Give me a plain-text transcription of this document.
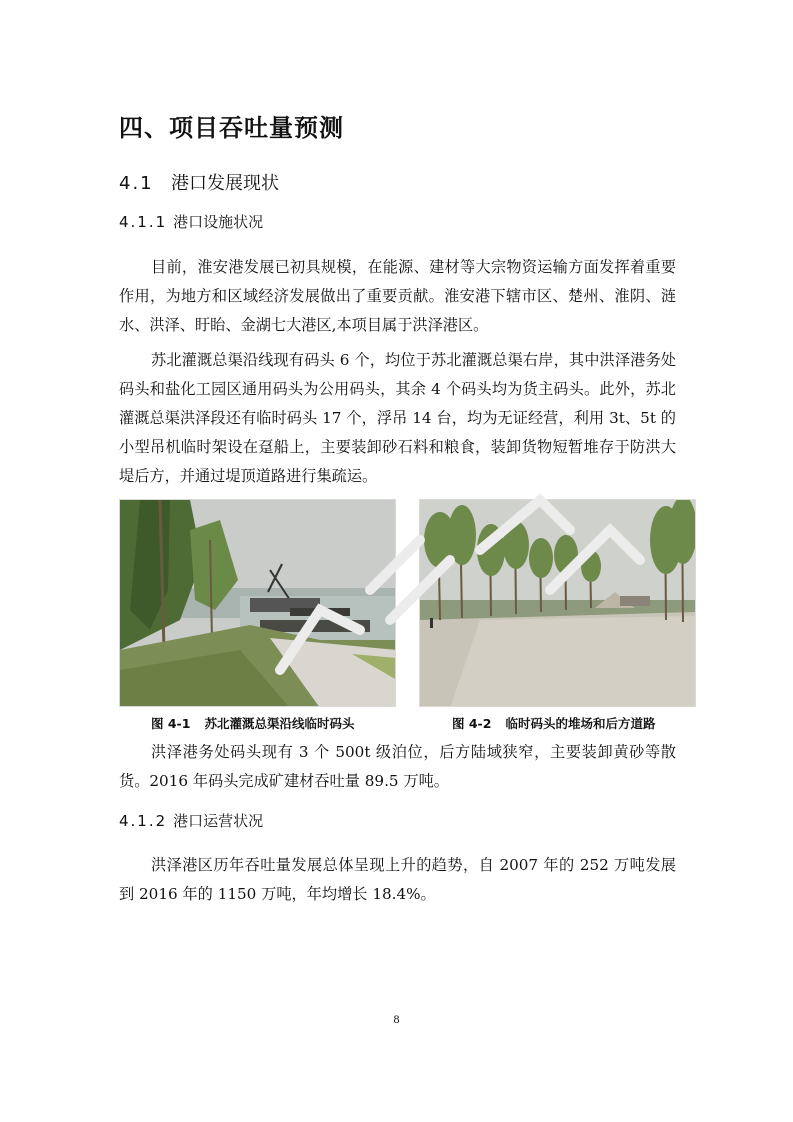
四、项目吞吐量预测
4.1 港口发展现状
4.1.1 港口设施状况

目前，淮安港发展已初具规模，在能源、建材等大宗物资运输方面发挥着重要作用，为地方和区域经济发展做出了重要贡献。淮安港下辖市区、楚州、淮阴、涟水、洪泽、盱眙、金湖七大港区,本项目属于洪泽港区。

苏北灌溉总渠沿线现有码头 6 个，均位于苏北灌溉总渠右岸，其中洪泽港务处码头和盐化工园区通用码头为公用码头，其余 4 个码头均为货主码头。此外，苏北灌溉总渠洪泽段还有临时码头 17 个，浮吊 14 台，均为无证经营，利用 3t、5t 的小型吊机临时架设在趸船上，主要装卸砂石料和粮食，装卸货物短暂堆存于防洪大堤后方，并通过堤顶道路进行集疏运。

图 4-1 苏北灌溉总渠沿线临时码头	图 4-2 临时码头的堆场和后方道路

洪泽港务处码头现有 3 个 500t 级泊位，后方陆域狭窄，主要装卸黄砂等散货。2016 年码头完成矿建材吞吐量 89.5 万吨。

4.1.2 港口运营状况

洪泽港区历年吞吐量发展总体呈现上升的趋势，自 2007 年的 252 万吨发展到 2016 年的 1150 万吨，年均增长 18.4%。

8
